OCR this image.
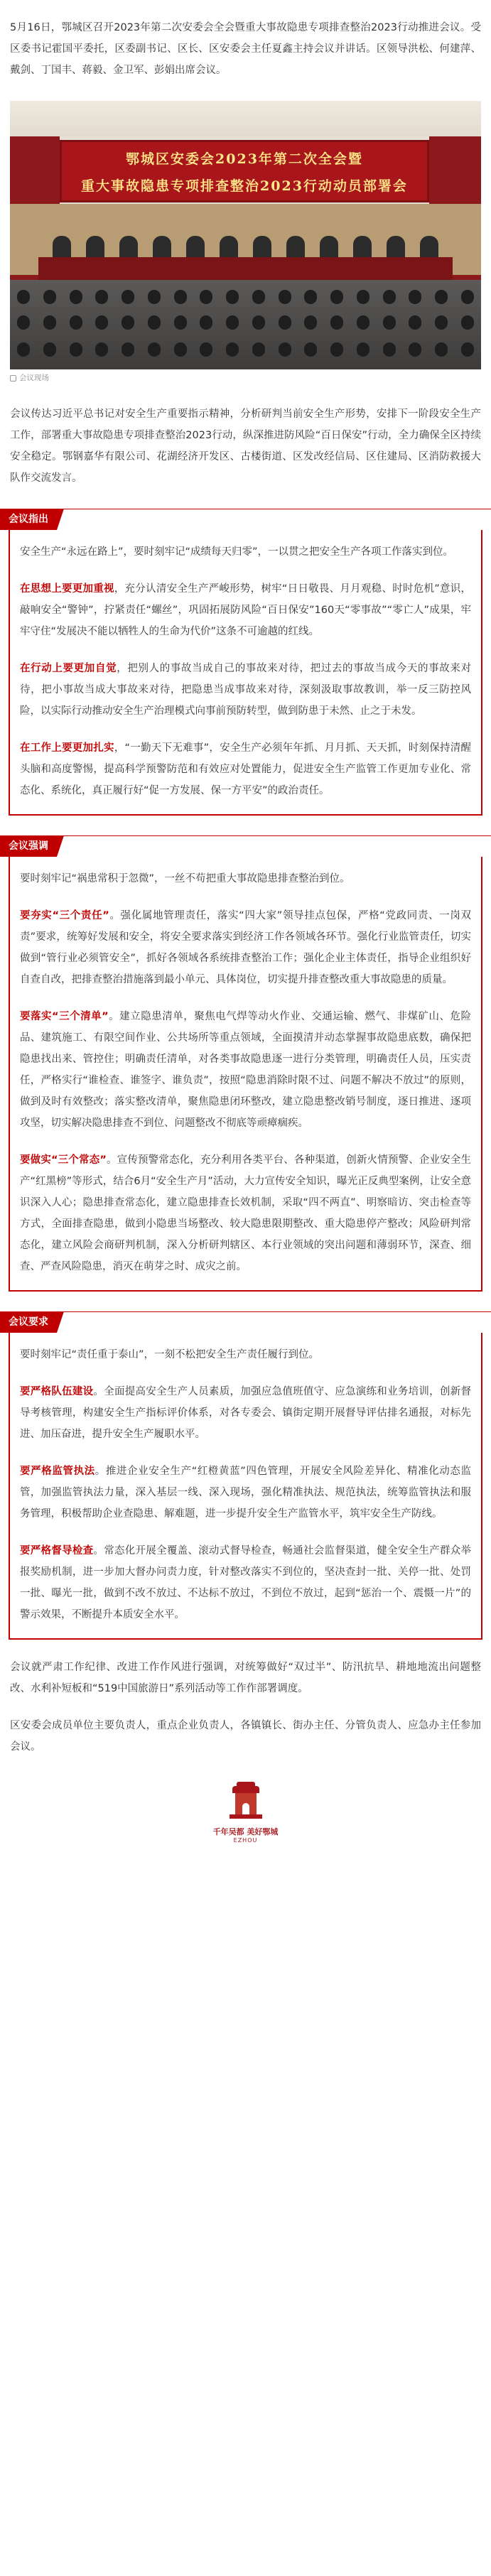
5月16日，鄂城区召开2023年第二次安委会全会暨重大事故隐患专项排查整治2023行动推进会议。受区委书记霍国平委托，区委副书记、区长、区安委会主任夏鑫主持会议并讲话。区领导洪松、何建萍、戴剑、丁国丰、蒋毅、金卫军、彭娟出席会议。

鄂城区安委会2023年第二次全会暨
重大事故隐患专项排查整治2023行动动员部署会
会议现场

会议传达习近平总书记对安全生产重要指示精神，分析研判当前安全生产形势，安排下一阶段安全生产工作，部署重大事故隐患专项排查整治2023行动，纵深推进防风险“百日保安”行动，全力确保全区持续安全稳定。鄂钢嘉华有限公司、花湖经济开发区、古楼街道、区发改经信局、区住建局、区消防救援大队作交流发言。

会议指出

安全生产“永远在路上”，要时刻牢记“成绩每天归零”，一以贯之把安全生产各项工作落实到位。

在思想上要更加重视，充分认清安全生产严峻形势，树牢“日日敬畏、月月观稳、时时危机”意识，敲响安全“警钟”，拧紧责任“螺丝”，巩固拓展防风险“百日保安”160天“零事故”“零亡人”成果，牢牢守住“发展决不能以牺牲人的生命为代价”这条不可逾越的红线。

在行动上要更加自觉，把别人的事故当成自己的事故来对待，把过去的事故当成今天的事故来对待，把小事故当成大事故来对待，把隐患当成事故来对待，深刻汲取事故教训，举一反三防控风险，以实际行动推动安全生产治理模式向事前预防转型，做到防患于未然、止之于未发。

在工作上要更加扎实，“一勤天下无难事”，安全生产必须年年抓、月月抓、天天抓，时刻保持清醒头脑和高度警惕，提高科学预警防范和有效应对处置能力，促进安全生产监管工作更加专业化、常态化、系统化，真正履行好“促一方发展、保一方平安”的政治责任。

会议强调

要时刻牢记“祸患常积于忽微”，一丝不苟把重大事故隐患排查整治到位。

要夯实“三个责任”。强化属地管理责任，落实“四大家”领导挂点包保，严格“党政同责、一岗双责”要求，统筹好发展和安全，将安全要求落实到经济工作各领域各环节。强化行业监管责任，切实做到“管行业必须管安全”，抓好各领域各系统排查整治工作；强化企业主体责任，指导企业组织好自查自改，把排查整治措施落到最小单元、具体岗位，切实提升排查整改重大事故隐患的质量。

要落实“三个清单”。建立隐患清单，聚焦电气焊等动火作业、交通运输、燃气、非煤矿山、危险品、建筑施工、有限空间作业、公共场所等重点领域，全面摸清并动态掌握事故隐患底数，确保把隐患找出来、管控住；明确责任清单，对各类事故隐患逐一进行分类管理，明确责任人员，压实责任，严格实行“谁检查、谁签字、谁负责”，按照“隐患消除时限不过、问题不解决不放过”的原则，做到及时有效整改；落实整改清单，聚焦隐患闭环整改，建立隐患整改销号制度，逐日推进、逐项攻坚，切实解决隐患排查不到位、问题整改不彻底等顽瘴痼疾。

要做实“三个常态”。宣传预警常态化，充分利用各类平台、各种渠道，创新火情预警、企业安全生产“红黑榜”等形式，结合6月“安全生产月”活动，大力宣传安全知识，曝光正反典型案例，让安全意识深入人心；隐患排查常态化，建立隐患排查长效机制，采取“四不两直”、明察暗访、突击检查等方式，全面排查隐患，做到小隐患当场整改、较大隐患限期整改、重大隐患停产整改；风险研判常态化，建立风险会商研判机制，深入分析研判辖区、本行业领域的突出问题和薄弱环节，深查、细查、严查风险隐患，消灭在萌芽之时、成灾之前。

会议要求

要时刻牢记“责任重于泰山”，一刻不松把安全生产责任履行到位。

要严格队伍建设。全面提高安全生产人员素质，加强应急值班值守、应急演练和业务培训，创新督导考核管理，构建安全生产指标评价体系，对各专委会、镇街定期开展督导评估排名通报，对标先进、加压奋进，提升安全生产履职水平。

要严格监管执法。推进企业安全生产“红橙黄蓝”四色管理，开展安全风险差异化、精准化动态监管，加强监管执法力量，深入基层一线、深入现场，强化精准执法、规范执法，统筹监管执法和服务管理，积极帮助企业查隐患、解难题，进一步提升安全生产监管水平，筑牢安全生产防线。

要严格督导检查。常态化开展全覆盖、滚动式督导检查，畅通社会监督渠道，健全安全生产群众举报奖励机制，进一步加大督办问责力度，针对整改落实不到位的，坚决查封一批、关停一批、处罚一批、曝光一批，做到不改不放过、不达标不放过，不到位不放过，起到“惩治一个、震慑一片”的警示效果，不断提升本质安全水平。

会议就严肃工作纪律、改进工作作风进行强调，对统筹做好“双过半”、防汛抗旱、耕地地流出问题整改、水利补短板和“519中国旅游日”系列活动等工作作部署调度。

区安委会成员单位主要负责人，重点企业负责人，各镇镇长、街办主任、分管负责人、应急办主任参加会议。

千年吴都 美好鄂城
EZHOU
